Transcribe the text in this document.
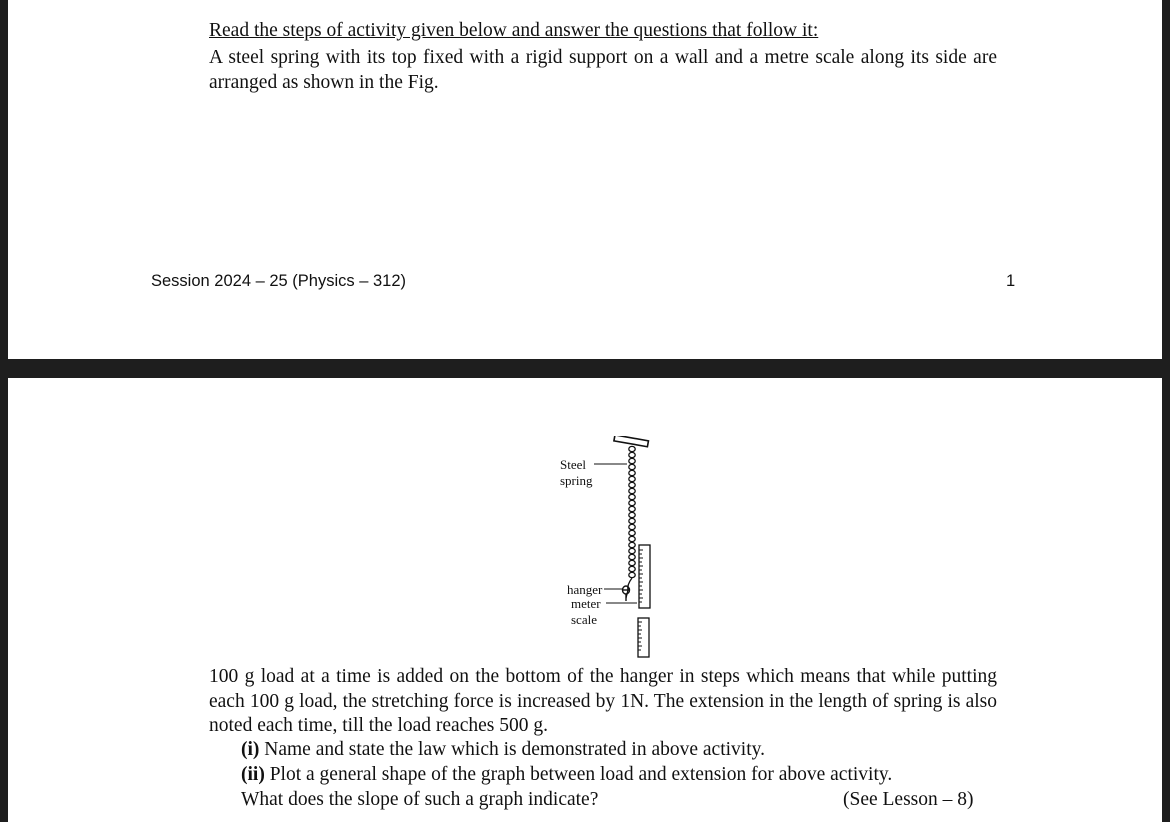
Read the steps of activity given below and answer the questions that follow it:
A steel spring with its top fixed with a rigid support on a wall and a metre scale along its side are arranged as shown in the Fig.
Session 2024 – 25 (Physics – 312)	1
Steel
spring
hanger
meter
scale
100 g load at a time is added on the bottom of the hanger in steps which means that while putting each 100 g load, the stretching force is increased by 1N. The extension in the length of spring is also noted each time, till the load reaches 500 g.
(i) Name and state the law which is demonstrated in above activity.
(ii) Plot a general shape of the graph between load and extension for above activity.
What does the slope of such a graph indicate?	(See Lesson – 8)
